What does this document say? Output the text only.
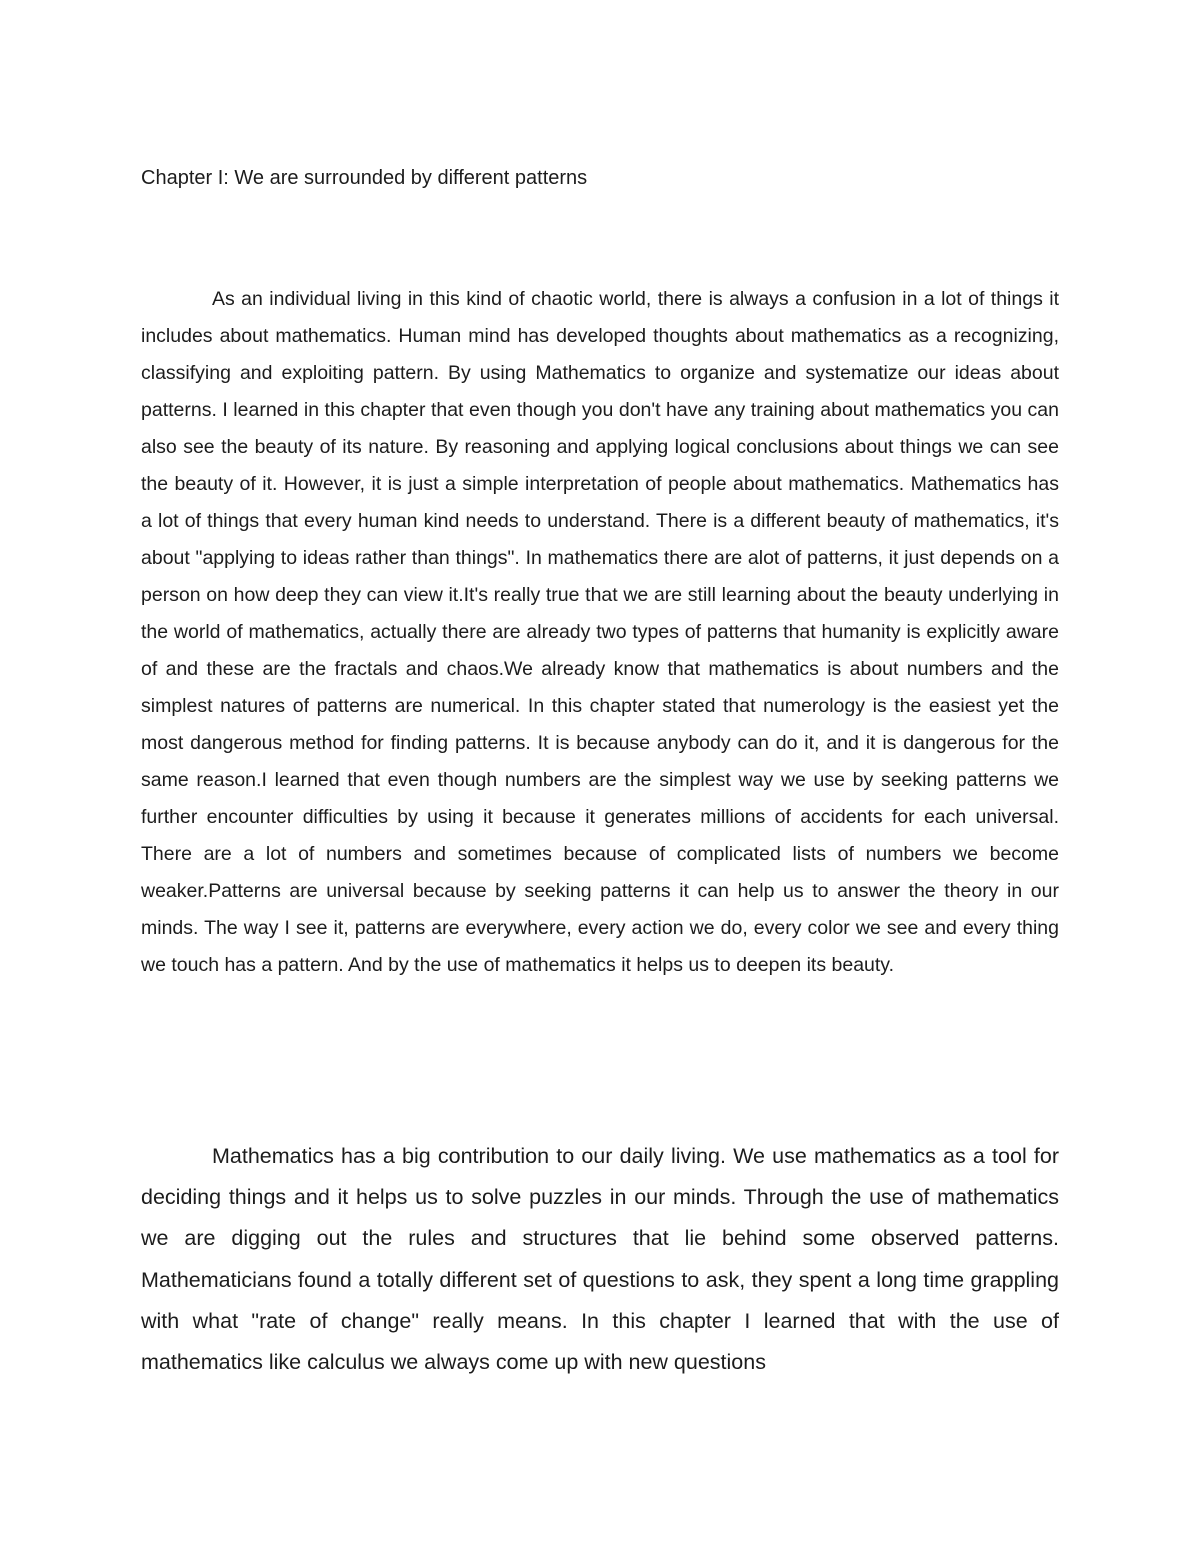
Chapter I: We are surrounded by different patterns

As an individual living in this kind of chaotic world, there is always a confusion in a lot of things it includes about mathematics. Human mind has developed thoughts about mathematics as a recognizing, classifying and exploiting pattern. By using Mathematics to organize and systematize our ideas about patterns. I learned in this chapter that even though you don't have any training about mathematics you can also see the beauty of its nature. By reasoning and applying logical conclusions about things we can see the beauty of it. However, it is just a simple interpretation of people about mathematics. Mathematics has a lot of things that every human kind needs to understand. There is a different beauty of mathematics, it's about "applying to ideas rather than things". In mathematics there are alot of patterns, it just depends on a person on how deep they can view it.It's really true that we are still learning about the beauty underlying in the world of mathematics, actually there are already two types of patterns that humanity is explicitly aware of and these are the fractals and chaos.We already know that mathematics is about numbers and the simplest natures of patterns are numerical. In this chapter stated that numerology is the easiest yet the most dangerous method for finding patterns. It is because anybody can do it, and it is dangerous for the same reason.I learned that even though numbers are the simplest way we use by seeking patterns we further encounter difficulties by using it because it generates millions of accidents for each universal. There are a lot of numbers and sometimes because of complicated lists of numbers we become weaker.Patterns are universal because by seeking patterns it can help us to answer the theory in our minds. The way I see it, patterns are everywhere, every action we do, every color we see and every thing we touch has a pattern. And by the use of mathematics it helps us to deepen its beauty.

Mathematics has a big contribution to our daily living. We use mathematics as a tool for deciding things and it helps us to solve puzzles in our minds. Through the use of mathematics we are digging out the rules and structures that lie behind some observed patterns. Mathematicians found a totally different set of questions to ask, they spent a long time grappling with what "rate of change" really means. In this chapter I learned that with the use of mathematics like calculus we always come up with new questions
